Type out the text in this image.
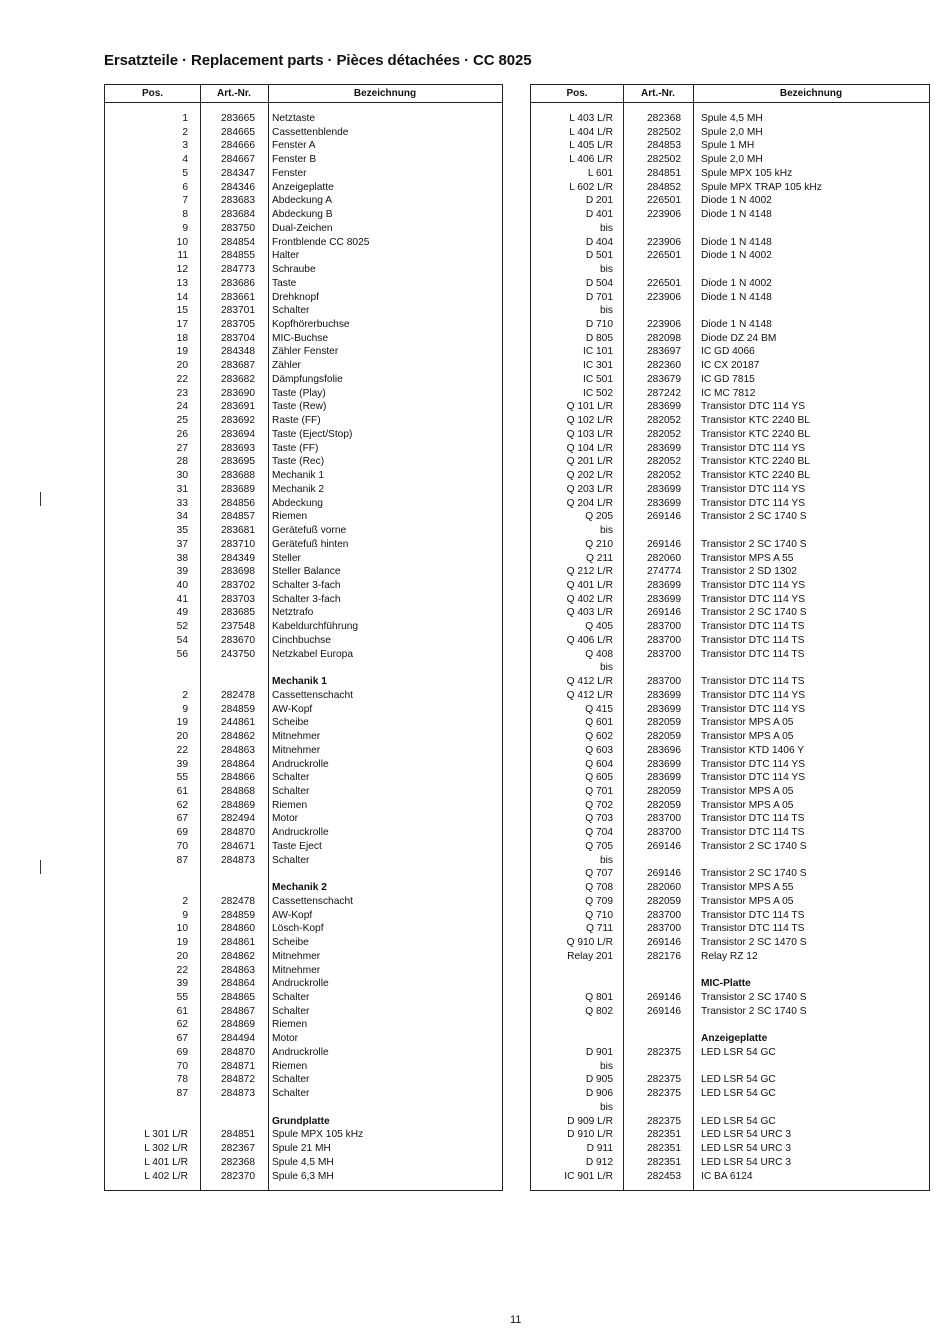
Ersatzteile · Replacement parts · Pièces détachées · CC 8025
Pos.	Art.-Nr.	Bezeichnung
1	283665 Netztaste
2	284665 Cassettenblende
3	284666 Fenster A
4	284667 Fenster B
5	284347 Fenster
6	284346 Anzeigeplatte
7	283683 Abdeckung A
8	283684 Abdeckung B
9	283750 Dual-Zeichen
10	284854 Frontblende CC 8025
11	284855 Halter
12	284773 Schraube
13	283686 Taste
14	283661 Drehknopf
15	283701 Schalter
17	283705 Kopfhörerbuchse
18	283704 MIC-Buchse
19	284348 Zähler Fenster
20	283687 Zähler
22	283682 Dämpfungsfolie
23	283690 Taste (Play)
24	283691 Taste (Rew)
25	283692 Raste (FF)
26	283694 Taste (Eject/Stop)
27	283693 Taste (FF)
28	283695 Taste (Rec)
30	283688 Mechanik 1
31	283689 Mechanik 2
33	284856 Abdeckung
34	284857 Riemen
35	283681 Gerätefuß vorne
37	283710 Gerätefuß hinten
38	284349 Steller
39	283698 Steller Balance
40	283702 Schalter 3-fach
41	283703 Schalter 3-fach
49	283685 Netztrafo
52	237548 Kabeldurchführung
54	283670 Cinchbuchse
56	243750 Netzkabel Europa
Mechanik 1
2	282478 Cassettenschacht
9	284859 AW-Kopf
19	244861 Scheibe
20	284862 Mitnehmer
22	284863 Mitnehmer
39	284864 Andruckrolle
55	284866 Schalter
61	284868 Schalter
62	284869 Riemen
67	282494 Motor
69	284870 Andruckrolle
70	284671 Taste Eject
87	284873 Schalter
Mechanik 2
2	282478 Cassettenschacht
9	284859 AW-Kopf
10	284860 Lösch-Kopf
19	284861 Scheibe
20	284862 Mitnehmer
22	284863 Mitnehmer
39	284864 Andruckrolle
55	284865 Schalter
61	284867 Schalter
62	284869 Riemen
67	284494 Motor
69	284870 Andruckrolle
70	284871 Riemen
78	284872 Schalter
87	284873 Schalter
Grundplatte
L 301 L/R	284851 Spule MPX 105 kHz
L 302 L/R	282367 Spule 21 MH
L 401 L/R	282368 Spule 4,5 MH
L 402 L/R	282370 Spule 6,3 MH
Pos.	Art.-Nr.	Bezeichnung
L 403 L/R	282368 Spule 4,5 MH
L 404 L/R	282502 Spule 2,0 MH
L 405 L/R	284853 Spule 1 MH
L 406 L/R	282502 Spule 2,0 MH
L 601	284851 Spule MPX 105 kHz
L 602 L/R	284852 Spule MPX TRAP 105 kHz
D 201	226501 Diode 1 N 4002
D 401	223906 Diode 1 N 4148
bis
D 404	223906 Diode 1 N 4148
D 501	226501 Diode 1 N 4002
bis
D 504	226501 Diode 1 N 4002
D 701	223906 Diode 1 N 4148
bis
D 710	223906 Diode 1 N 4148
D 805	282098 Diode DZ 24 BM
IC 101	283697 IC GD 4066
IC 301	282360 IC CX 20187
IC 501	283679 IC GD 7815
IC 502	287242 IC MC 7812
Q 101 L/R	283699 Transistor DTC 114 YS
Q 102 L/R	282052 Transistor KTC 2240 BL
Q 103 L/R	282052 Transistor KTC 2240 BL
Q 104 L/R	283699 Transistor DTC 114 YS
Q 201 L/R	282052 Transistor KTC 2240 BL
Q 202 L/R	282052 Transistor KTC 2240 BL
Q 203 L/R	283699 Transistor DTC 114 YS
Q 204 L/R	283699 Transistor DTC 114 YS
Q 205	269146 Transistor 2 SC 1740 S
bis
Q 210	269146 Transistor 2 SC 1740 S
Q 211	282060 Transistor MPS A 55
Q 212 L/R	274774 Transistor 2 SD 1302
Q 401 L/R	283699 Transistor DTC 114 YS
Q 402 L/R	283699 Transistor DTC 114 YS
Q 403 L/R	269146 Transistor 2 SC 1740 S
Q 405	283700 Transistor DTC 114 TS
Q 406 L/R	283700 Transistor DTC 114 TS
Q 408	283700 Transistor DTC 114 TS
bis
Q 412 L/R	283700 Transistor DTC 114 TS
Q 412 L/R	283699 Transistor DTC 114 YS
Q 415	283699 Transistor DTC 114 YS
Q 601	282059 Transistor MPS A 05
Q 602	282059 Transistor MPS A 05
Q 603	283696 Transistor KTD 1406 Y
Q 604	283699 Transistor DTC 114 YS
Q 605	283699 Transistor DTC 114 YS
Q 701	282059 Transistor MPS A 05
Q 702	282059 Transistor MPS A 05
Q 703	283700 Transistor DTC 114 TS
Q 704	283700 Transistor DTC 114 TS
Q 705	269146 Transistor 2 SC 1740 S
bis
Q 707	269146 Transistor 2 SC 1740 S
Q 708	282060 Transistor MPS A 55
Q 709	282059 Transistor MPS A 05
Q 710	283700 Transistor DTC 114 TS
Q 711	283700 Transistor DTC 114 TS
Q 910 L/R	269146 Transistor 2 SC 1470 S
Relay 201	282176 Relay RZ 12
MIC-Platte
Q 801	269146 Transistor 2 SC 1740 S
Q 802	269146 Transistor 2 SC 1740 S
Anzeigeplatte
D 901	282375 LED LSR 54 GC
bis
D 905	282375 LED LSR 54 GC
D 906	282375 LED LSR 54 GC
bis
D 909 L/R	282375 LED LSR 54 GC
D 910 L/R	282351 LED LSR 54 URC 3
D 911	282351 LED LSR 54 URC 3
D 912	282351 LED LSR 54 URC 3
IC 901 L/R	282453 IC BA 6124
11
